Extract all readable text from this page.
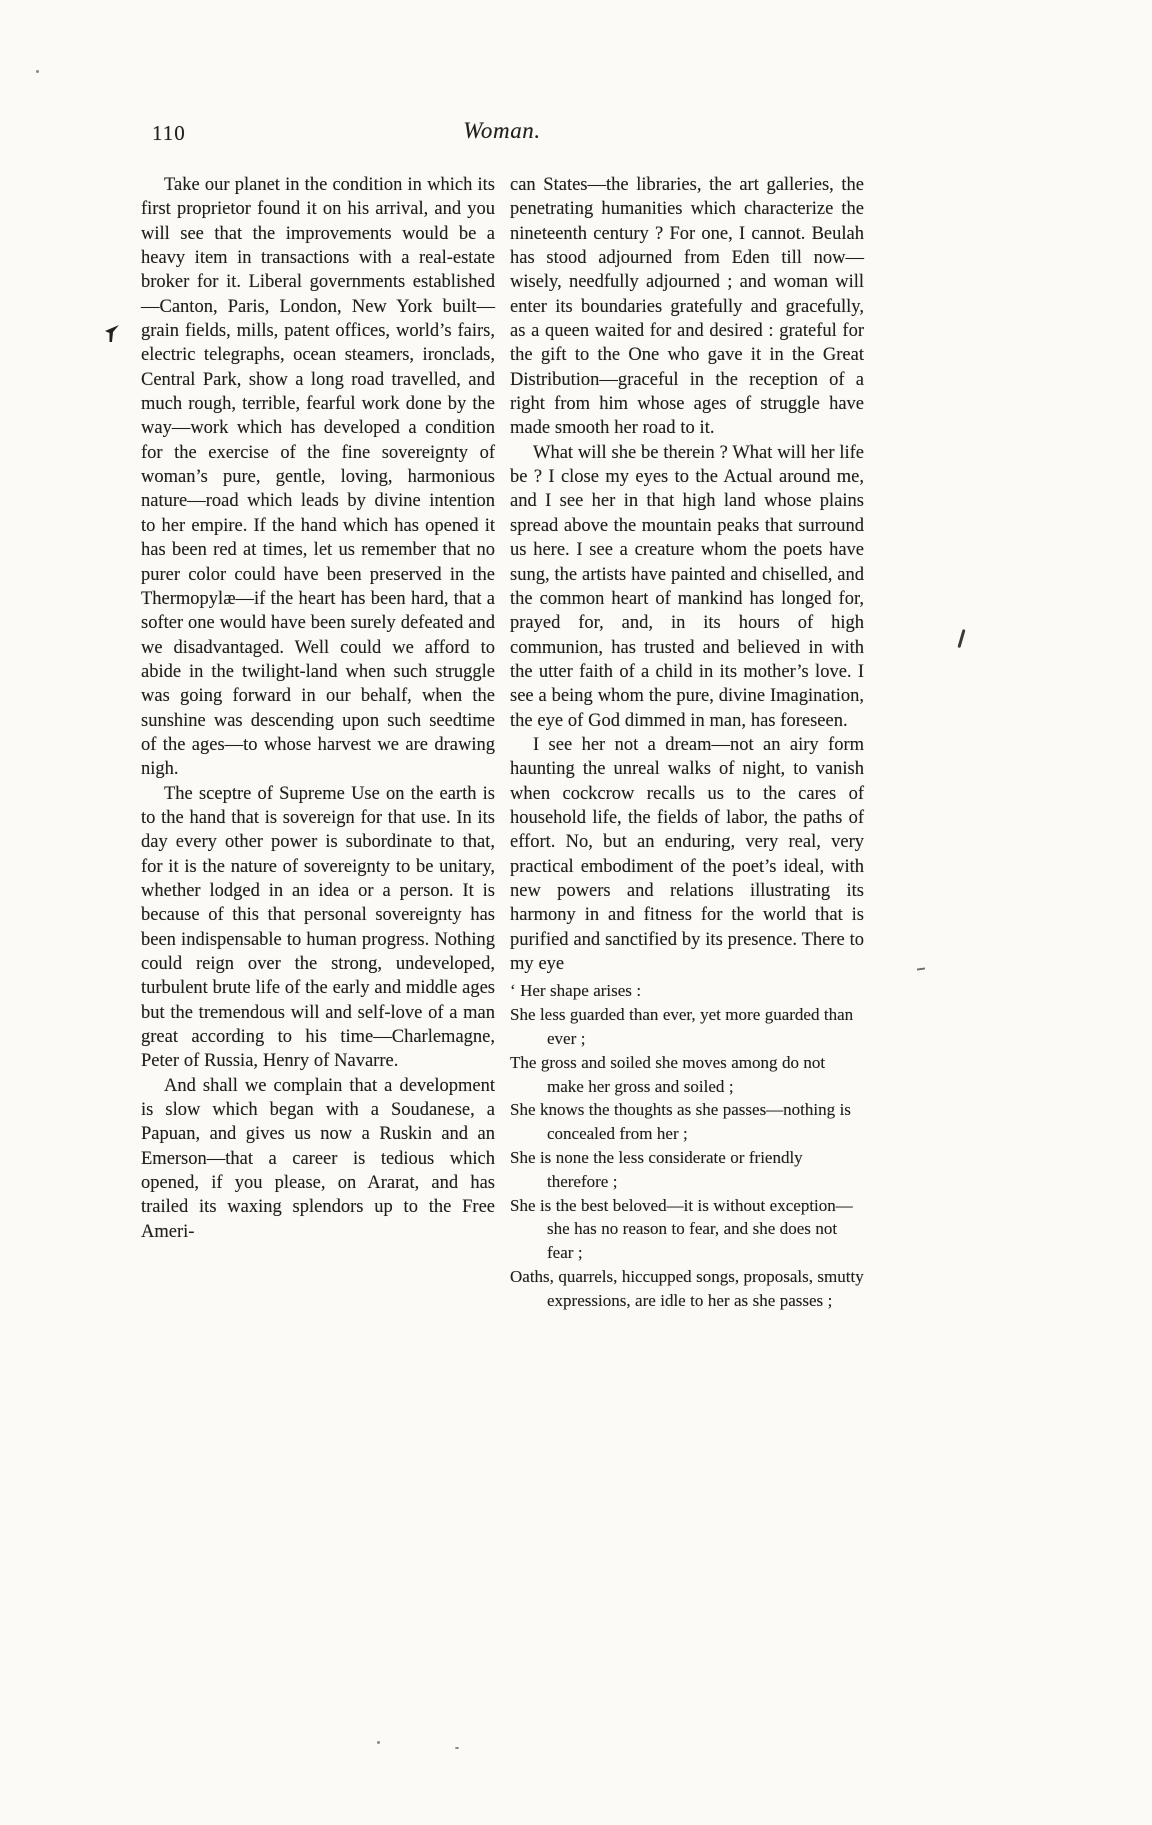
110	Woman.

Take our planet in the condition in which its first proprietor found it on his arrival, and you will see that the improvements would be a heavy item in transactions with a real-estate broker for it. Liberal governments established—Canton, Paris, London, New York built—grain fields, mills, patent offices, world’s fairs, electric telegraphs, ocean steamers, ironclads, Central Park, show a long road travelled, and much rough, terrible, fearful work done by the way—work which has developed a condition for the exercise of the fine sovereignty of woman’s pure, gentle, loving, harmonious nature—road which leads by divine intention to her empire. If the hand which has opened it has been red at times, let us remember that no purer color could have been preserved in the Thermopylæ—if the heart has been hard, that a softer one would have been surely defeated and we disadvantaged. Well could we afford to abide in the twilight-land when such struggle was going forward in our behalf, when the sunshine was descending upon such seedtime of the ages—to whose harvest we are drawing nigh.

The sceptre of Supreme Use on the earth is to the hand that is sovereign for that use. In its day every other power is subordinate to that, for it is the nature of sovereignty to be unitary, whether lodged in an idea or a person. It is because of this that personal sovereignty has been indispensable to human progress. Nothing could reign over the strong, undeveloped, turbulent brute life of the early and middle ages but the tremendous will and self-love of a man great according to his time—Charlemagne, Peter of Russia, Henry of Navarre.

And shall we complain that a development is slow which began with a Soudanese, a Papuan, and gives us now a Ruskin and an Emerson—that a career is tedious which opened, if you please, on Ararat, and has trailed its waxing splendors up to the Free Ameri-

can States—the libraries, the art galleries, the penetrating humanities which characterize the nineteenth century ? For one, I cannot. Beulah has stood adjourned from Eden till now—wisely, needfully adjourned ; and woman will enter its boundaries gratefully and gracefully, as a queen waited for and desired : grateful for the gift to the One who gave it in the Great Distribution—graceful in the reception of a right from him whose ages of struggle have made smooth her road to it.

What will she be therein ? What will her life be ? I close my eyes to the Actual around me, and I see her in that high land whose plains spread above the mountain peaks that surround us here. I see a creature whom the poets have sung, the artists have painted and chiselled, and the common heart of mankind has longed for, prayed for, and, in its hours of high communion, has trusted and believed in with the utter faith of a child in its mother’s love. I see a being whom the pure, divine Imagination, the eye of God dimmed in man, has foreseen.

I see her not a dream—not an airy form haunting the unreal walks of night, to vanish when cockcrow recalls us to the cares of household life, the fields of labor, the paths of effort. No, but an enduring, very real, very practical embodiment of the poet’s ideal, with new powers and relations illustrating its harmony in and fitness for the world that is purified and sanctified by its presence. There to my eye

‘ Her shape arises :

She less guarded than ever, yet more guarded than ever ;

The gross and soiled she moves among do not make her gross and soiled ;

She knows the thoughts as she passes—nothing is concealed from her ;

She is none the less considerate or friendly therefore ;

She is the best beloved—it is without exception—she has no reason to fear, and she does not fear ;

Oaths, quarrels, hiccupped songs, proposals, smutty expressions, are idle to her as she passes ;
